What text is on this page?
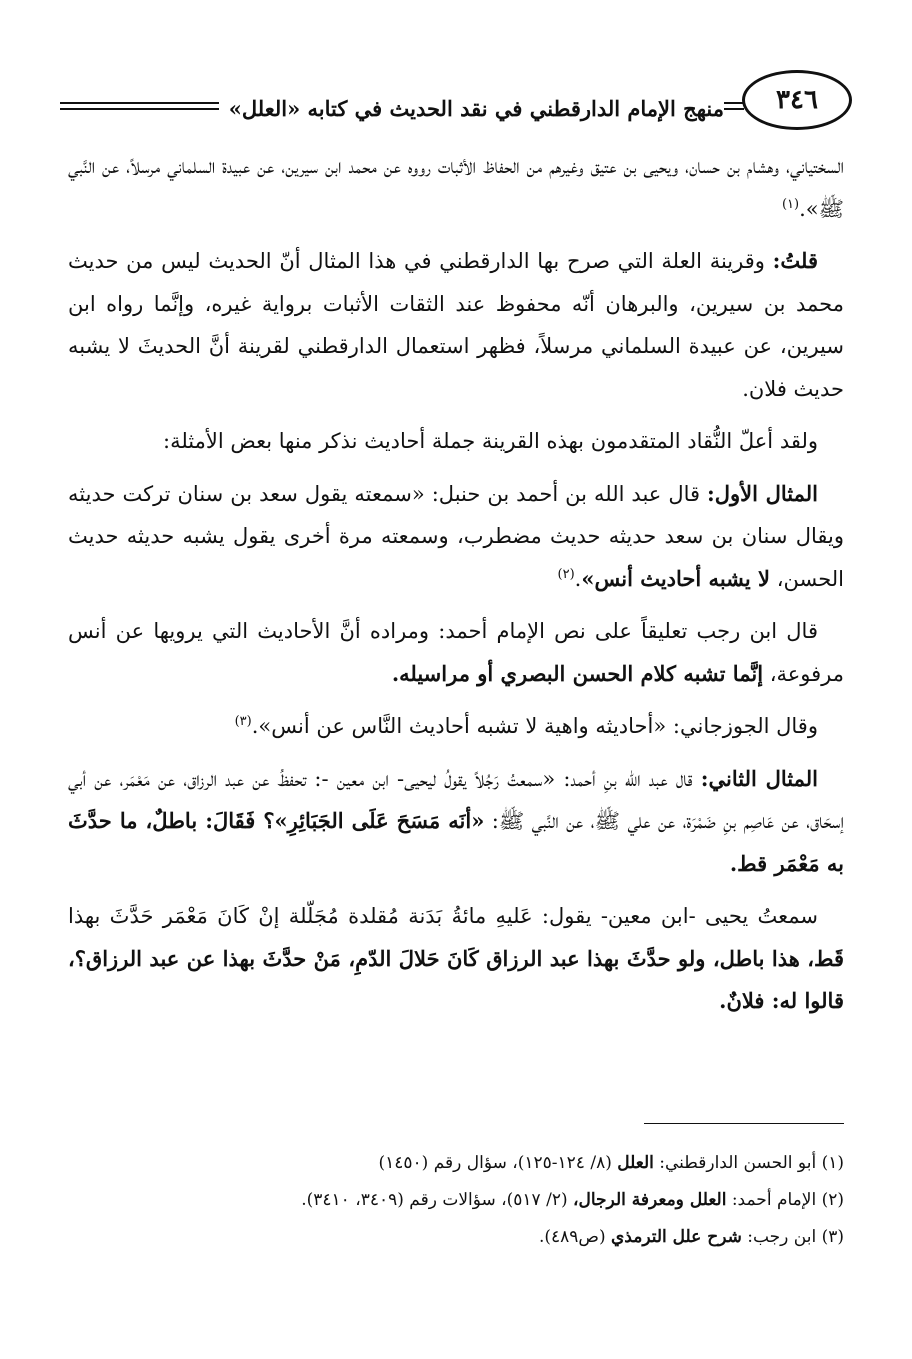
٣٤٦
منهج الإمام الدارقطني في نقد الحديث في كتابه «العلل»

السختياني، وهشام بن حسان، ويحيى بن عتيق وغيرهم من الحفاظ الأثبات رووه عن محمد ابن سيرين، عن عبيدة السلماني مرسلاً، عن النَّبي ﷺ».$^{(١)}$

قلتُ: وقرينة العلة التي صرح بها الدارقطني في هذا المثال أنّ الحديث ليس من حديث محمد بن سيرين، والبرهان أنّه محفوظ عند الثقات الأثبات برواية غيره، وإنَّما رواه ابن سيرين، عن عبيدة السلماني مرسلاً، فظهر استعمال الدارقطني لقرينة أنَّ الحديثَ لا يشبه حديث فلان.

ولقد أعلّ النُّقاد المتقدمون بهذه القرينة جملة أحاديث نذكر منها بعض الأمثلة:

المثال الأول: قال عبد الله بن أحمد بن حنبل: «سمعته يقول سعد بن سنان تركت حديثه ويقال سنان بن سعد حديثه حديث مضطرب، وسمعته مرة أخرى يقول يشبه حديثه حديث الحسن، لا يشبه أحاديث أنس».$^{(٢)}$

قال ابن رجب تعليقاً على نص الإمام أحمد: ومراده أنَّ الأحاديث التي يرويها عن أنس مرفوعة، إنَّما تشبه كلام الحسن البصري أو مراسيله.

وقال الجوزجاني: «أحاديثه واهية لا تشبه أحاديث النَّاس عن أنس».$^{(٣)}$

المثال الثاني: قال عبد الله بنِ أحمد: «سمعتُ رَجُلاً يقولُ ليحيى- ابن معين -: تحفظُ عن عبد الرزاق، عن مَعْمَر، عن أبي إسحَاق، عن عَاصِم بنِ ضَمْرَة، عن علي ﷺ، عن النَّبي ﷺ: «أنَه مَسَحَ عَلَى الجَبَائِرِ»؟ فَقَالَ: باطلٌ، ما حدَّثَ به مَعْمَر قط.

سمعتُ يحيى -ابن معين- يقول: عَليهِ مائةُ بَدَنة مُقلدة مُجَلّلة إنْ كَانَ مَعْمَر حَدَّثَ بهذا قَط، هذا باطل، ولو حدَّثَ بهذا عبد الرزاق كَانَ حَلالَ الدّمِ، مَنْ حدَّثَ بهذا عن عبد الرزاق؟، قالوا له: فلانٌ.

(١) أبو الحسن الدارقطني: العلل (٨/ ١٢٤-١٢٥)، سؤال رقم (١٤٥٠)

(٢) الإمام أحمد: العلل ومعرفة الرجال، (٢/ ٥١٧)، سؤالات رقم (٣٤٠٩، ٣٤١٠).

(٣) ابن رجب: شرح علل الترمذي (ص٤٨٩).
